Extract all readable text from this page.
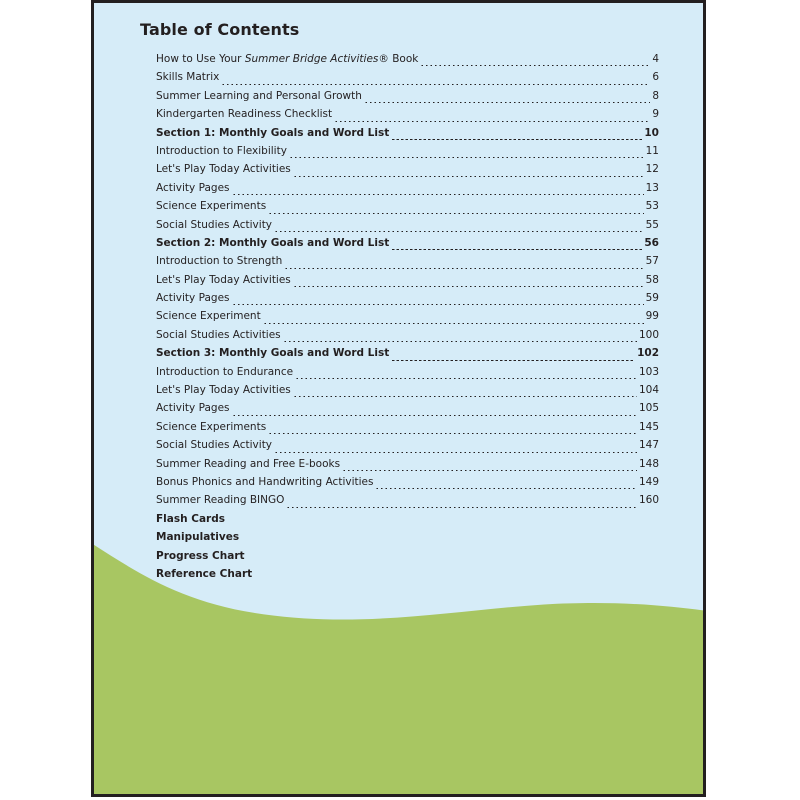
Table of Contents
How to Use Your Summer Bridge Activities® Book	4
Skills Matrix	6
Summer Learning and Personal Growth	8
Kindergarten Readiness Checklist	9
Section 1: Monthly Goals and Word List	10
Introduction to Flexibility	11
Let's Play Today Activities	12
Activity Pages	13
Science Experiments	53
Social Studies Activity	55
Section 2: Monthly Goals and Word List	56
Introduction to Strength	57
Let's Play Today Activities	58
Activity Pages	59
Science Experiment	99
Social Studies Activities	100
Section 3: Monthly Goals and Word List	102
Introduction to Endurance	103
Let's Play Today Activities	104
Activity Pages	105
Science Experiments	145
Social Studies Activity	147
Summer Reading and Free E-books	148
Bonus Phonics and Handwriting Activities	149
Summer Reading BINGO	160
Flash Cards
Manipulatives
Progress Chart
Reference Chart
